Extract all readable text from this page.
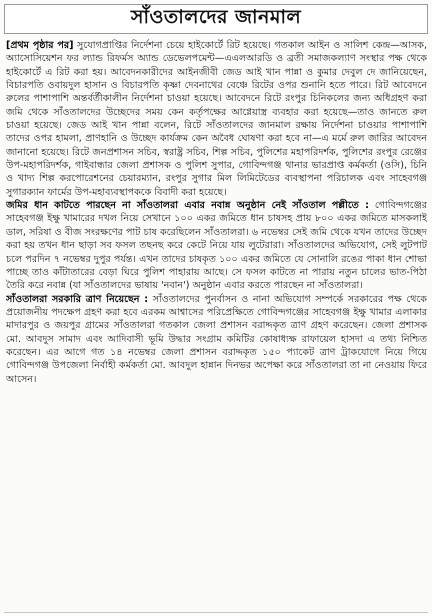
সাঁওতালদের জানমাল

[প্রথম পৃষ্ঠার পর] সুযোগপ্রাপ্তির নির্দেশনা চেয়ে হাইকোর্টে রিট হয়েছে। গতকাল আইন ও সালিশ কেন্দ্র—আসক, অ্যাসোসিয়েশন ফর ল্যান্ড রিফর্মস অ্যান্ড ডেভেলপমেন্ট—এএলআরডি ও ব্রতী সমাজকল্যাণ সংস্থার পক্ষ থেকে হাইকোর্টে এ রিট করা হয়। আবেদনকারীদের আইনজীবী জেড আই খান পান্না ও কুমার দেবুল দে জানিয়েছেন, বিচারপতি ওবায়দুল হাসান ও বিচারপতি কৃষ্ণা দেবনাথের বেঞ্চে রিটের ওপর শুনানি হতে পারে। রিট আবেদনে রুলের পাশাপাশি অন্তর্বর্তীকালীন নির্দেশনা চাওয়া হয়েছে। আবেদনে রিটে রংপুর চিনিকলের জন্য অধিগ্রহণ করা জমি থেকে সাঁওতালদের উচ্ছেদের সময় কেন কর্তৃপক্ষের আগ্নেয়াস্ত্র ব্যবহার করা হয়েছে—তাও জানতে রুল চাওয়া হয়েছে। জেড আই খান পান্না বলেন, রিটে সাঁওতালদের জানমাল রক্ষায় নির্দেশনা চাওয়ার পাশাপাশি তাদের ওপর হামলা, প্রাণহানি ও উচ্ছেদ কার্যক্রম কেন অবৈধ ঘোষণা করা হবে না—এ মর্মে রুল জারির আবেদন জানানো হয়েছে। রিটে জনপ্রশাসন সচিব, স্বরাষ্ট্র সচিব, শিল্প সচিব, পুলিশের মহাপরিদর্শক, পুলিশের রংপুর রেঞ্জের উপ-মহাপরিদর্শক, গাইবান্ধার জেলা প্রশাসক ও পুলিশ সুপার, গোবিন্দগঞ্জ থানার ভারপ্রাপ্ত কর্মকর্তা (ওসি), চিনি ও খাদ্য শিল্প করপোরেশনের চেয়ারম্যান, রংপুর সুগার মিল লিমিটেডের ব্যবস্থাপনা পরিচালক এবং সাহেবগঞ্জ সুগারক্যান ফার্মের উপ-মহাব্যবস্থাপককে বিবাদী করা হয়েছে।

জমির ধান কাটতে পারছেন না সাঁওতালরা এবার নবান্ন অনুষ্ঠান নেই সাঁওতাল পল্লীতে : গোবিন্দগঞ্জের সাহেবগঞ্জ ইক্ষু খামারের দখল নিয়ে সেখানে ১০০ একর জমিতে ধান চাষসহ প্রায় ৮০০ একর জমিতে মাসকলাই ডাল, সরিষা ও বীজ সংরক্ষণের পাট চাষ করেছিলেন সাঁওতালরা। ৬ নভেম্বর সেই জমি থেকে যখন তাদের উচ্ছেদ করা হয় তখন ধান ছাড়া সব ফসল তছনছ করে কেটে নিয়ে যায় লুটেরারা। সাঁওতালদের অভিযোগ, সেই লুটপাট চলে পরদিন ৭ নভেম্বর দুপুর পর্যন্ত। এখন তাদের চাষকৃত ১০০ একর জমিতে যে সোনালি রঙের পাকা ধান শোভা পাচ্ছে তাও কাঁটাতারের বেড়া ঘিরে পুলিশ পাহারায় আছে। সে ফসল কাটতে না পারায় নতুন চালের ভাত-পিঠা তৈরি করে নবান্ন (যা সাঁওতালদের ভাষায় 'নবান') অনুষ্ঠান এবার করতে পারছেন না সাঁওতালরা।

সাঁওতালরা সরকারি ত্রাণ নিয়েছেন : সাঁওতালদের পুনর্বাসন ও নানা অভিযোগ সম্পর্কে সরকারের পক্ষ থেকে প্রয়োজনীয় পদক্ষেপ গ্রহণ করা হবে এরকম আশ্বাসের পরিপ্রেক্ষিতে গোবিন্দগঞ্জের সাহেবগঞ্জ ইক্ষু খামার এলাকার মাদারপুর ও জয়পুর গ্রামের সাঁওতালরা গতকাল জেলা প্রশাসন বরাদ্দকৃত ত্রাণ গ্রহণ করেছেন। জেলা প্রশাসক মো. আবদুস সামাদ এবং আদিবাসী ভূমি উদ্ধার সংগ্রাম কমিটির কোষাধ্যক্ষ রাফায়েল হাসদা এ তথ্য নিশ্চিত করেছেন। এর আগে গত ১৪ নভেম্বর জেলা প্রশাসন বরাদ্দকৃত ১৫০ প্যাকেট ত্রাণ ট্রাকযোগে নিয়ে গিয়ে গোবিন্দগঞ্জ উপজেলা নির্বাহী কর্মকর্তা মো. আবদুল হান্নান দিনভর অপেক্ষা করে সাঁওতালরা তা না নেওয়ায় ফিরে আসেন।
